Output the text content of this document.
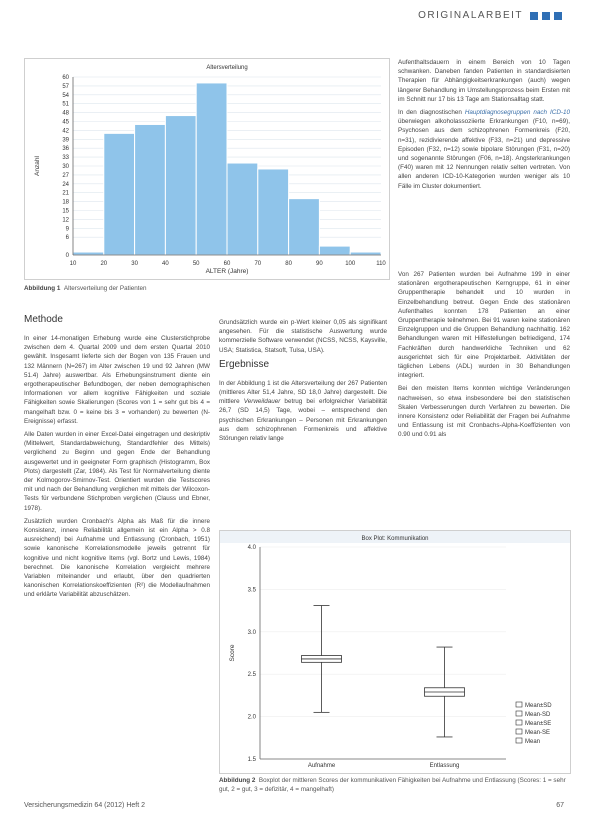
ORIGINALARBEIT
Altersverteilung
0
6
9
12
15
18
21
24
27
30
33
36
39
42
45
48
51
54
57
60
10	20	30	40	50	60	70	80	90	100	110
ALTER (Jahre)
Anzahl
Abbildung 1 Altersverteilung der Patienten

Aufenthaltsdauern in einem Bereich von 10 Tagen schwanken. Daneben fanden Patienten in standardisierten Therapien für Abhängigkeitserkrankungen (auch) wegen längerer Behandlung im Umstellungsprozess beim Ersten mit im Schnitt nur 17 bis 13 Tage am Stationsalltag statt.

In den diagnostischen Hauptdiagnosegruppen nach ICD-10 überwiegen alkoholassoziierte Erkrankungen (F10, n=69), Psychosen aus dem schizophrenen Formenkreis (F20, n=31), rezidivierende affektive (F33, n=21) und depressive Episoden (F32, n=12) sowie bipolare Störungen (F31, n=20) und sogenannte Störungen (F06, n=18). Angsterkrankungen (F40) waren mit 12 Nennungen relativ selten vertreten. Von allen anderen ICD-10-Kategorien wurden weniger als 10 Fälle im Cluster dokumentiert.

Methode

In einer 14-monatigen Erhebung wurde eine Clusterstichprobe zwischen dem 4. Quartal 2009 und dem ersten Quartal 2010 gewählt. Insgesamt lieferte sich der Bogen von 135 Frauen und 132 Männern (N=267) im Alter zwischen 19 und 92 Jahren (MW 51.4) Jahre) auswertbar. Als Erhebungsinstrument diente ein ergotherapeutischer Befundbogen, der neben demographischen Informationen vor allem kognitive Fähigkeiten und soziale Fähigkeiten sowie Skalierungen (Scores von 1 = sehr gut bis 4 = mangelhaft bzw. 0 = keine bis 3 = vorhanden) zu bewerten (N-Ereignisse) erfasst.

Alle Daten wurden in einer Excel-Datei eingetragen und deskriptiv (Mittelwert, Standardabweichung, Standardfehler des Mittels) verglichend zu Beginn und gegen Ende der Behandlung ausgewertet und in geeigneter Form graphisch (Histogramm, Box Plots) dargestellt (Zar, 1984). Als Test für Normalverteilung diente der Kolmogorov-Smirnov-Test. Orientiert wurden die Testscores mit und nach der Behandlung verglichen mit mittels der Wilcoxon-Tests für verbundene Stichproben verglichen (Clauss und Ebner, 1978).

Zusätzlich wurden Cronbach's Alpha als Maß für die innere Konsistenz, innere Reliabilität allgemein ist ein Alpha > 0.8 ausreichend) bei Aufnahme und Entlassung (Cronbach, 1951) sowie kanonische Korrelationsmodelle jeweils getrennt für kognitive und nicht kognitive Items (vgl. Bortz und Lewis, 1984) berechnet. Die kanonische Korrelation vergleicht mehrere Variablen miteinander und erlaubt, über den quadrierten kanonischen Korrelationskoeffizienten (R²) die Modellaufnahmen und erklärte Variabilität abzuschätzen.

Grundsätzlich wurde ein p-Wert kleiner 0,05 als signifikant angesehen. Für die statistische Auswertung wurde kommerzielle Software verwendet (NCSS, NCSS, Kaysville, USA; Statistica, Statsoft, Tulsa, USA).

Ergebnisse

In der Abbildung 1 ist die Altersverteilung der 267 Patienten (mittleres Alter 51,4 Jahre, SD 18,0 Jahre) dargestellt. Die mittlere Verweildauer betrug bei erfolgreicher Variabilität 26,7 (SD 14,5) Tage, wobei – entsprechend den psychischen Erkrankungen – Personen mit Erkrankungen aus dem schizophrenen Formenkreis und affektive Störungen relativ lange

Von 267 Patienten wurden bei Aufnahme 199 in einer stationären ergotherapeutischen Kerngruppe, 61 in einer Gruppentherapie behandelt und 10 wurden in Einzelbehandlung betreut. Gegen Ende des stationären Aufenthaltes konnten 178 Patienten an einer Gruppentherapie teilnehmen. Bei 91 waren keine stationären Einzelgruppen und die Gruppen Behandlung nachhaltig. 162 Behandlungen waren mit Hilfestellungen befriedigend, 174 Fachkräften durch handwerkliche Techniken und 62 ausgerichtet sich für eine Projektarbeit. Aktivitäten der täglichen Lebens (ADL) wurden in 30 Behandlungen integriert.

Bei den meisten Items konnten wichtige Veränderungen nachweisen, so etwa insbesondere bei den statistischen Skalen Verbesserungen durch Verfahren zu bewerten. Die innere Konsistenz oder Reliabilität der Fragen bei Aufnahme und Entlassung ist mit Cronbachs-Alpha-Koeffizienten von 0.90 und 0.91 als

Box Plot: Kommunikation
1.5
2.0
2.5
3.0
3.5
4.0
Score
Aufnahme	Entlassung
Mean±SD
Mean-SD
Mean±SE
Mean-SE
Mean
Abbildung 2 Boxplot der mittleren Scores der kommunikativen Fähigkeiten bei Aufnahme und Entlassung (Scores: 1 = sehr gut, 2 = gut, 3 = defizitär, 4 = mangelhaft)
Versicherungsmedizin 64 (2012) Heft 2	67
